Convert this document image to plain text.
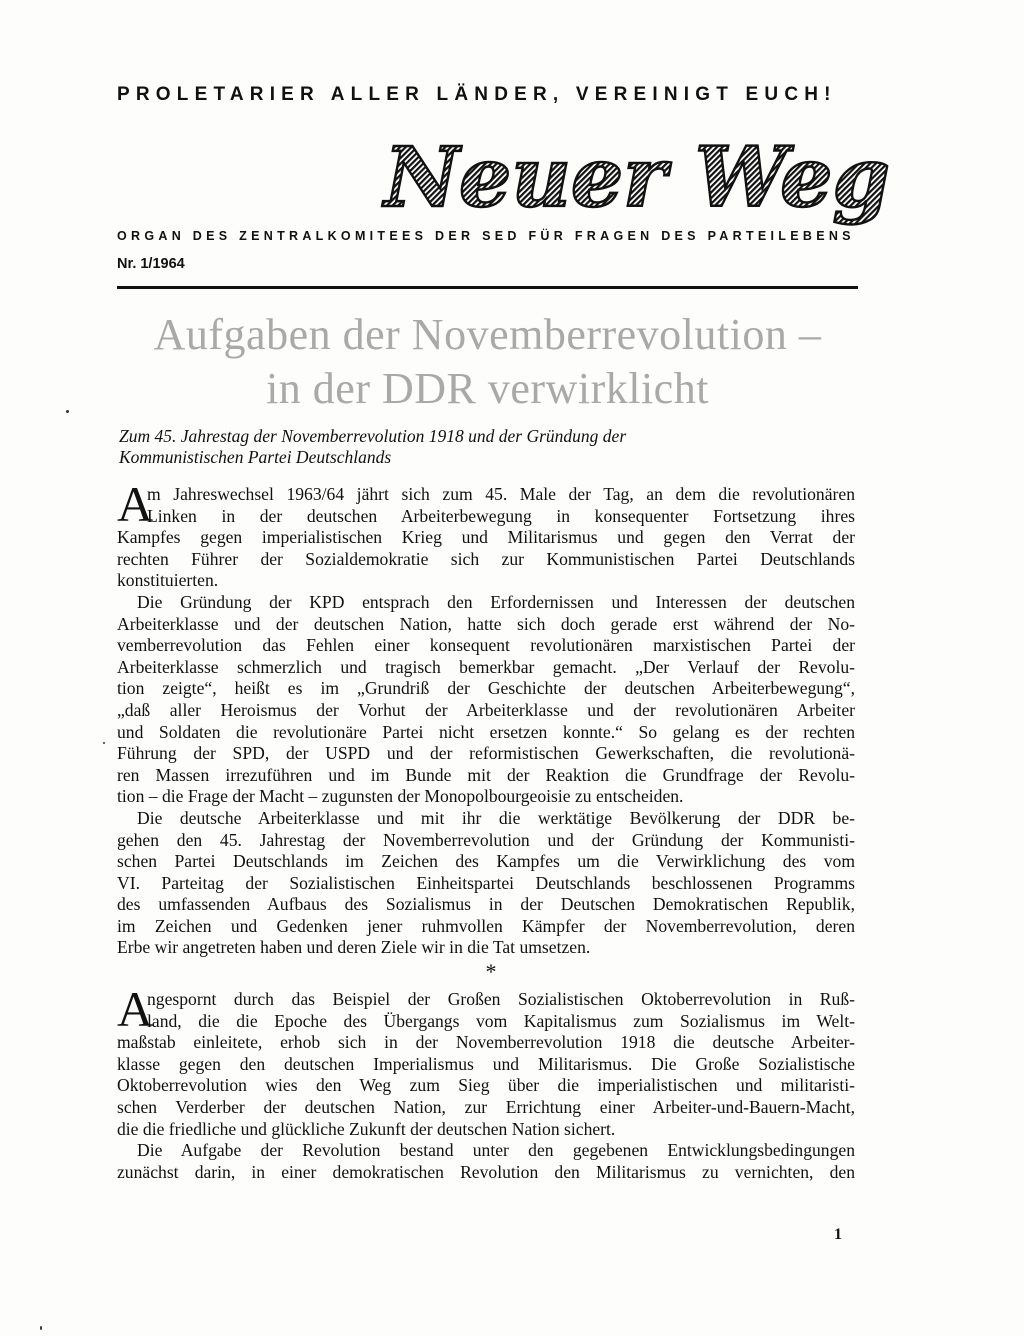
PROLETARIER ALLER LÄNDER, VEREINIGT EUCH!
Neuer Weg
ORGAN DES ZENTRALKOMITEES DER SED FÜR FRAGEN DES PARTEILEBENS
Nr. 1/1964
Aufgaben der Novemberrevolution –
in der DDR verwirklicht
Zum 45. Jahrestag der Novemberrevolution 1918 und der Gründung der
Kommunistischen Partei Deutschlands
A
m Jahreswechsel 1963/64 jährt sich zum 45. Male der Tag, an dem die revolutionären
Linken in der deutschen Arbeiterbewegung in konsequenter Fortsetzung ihres
Kampfes gegen imperialistischen Krieg und Militarismus und gegen den Verrat der
rechten Führer der Sozialdemokratie sich zur Kommunistischen Partei Deutschlands
konstituierten.
Die Gründung der KPD entsprach den Erfordernissen und Interessen der deutschen
Arbeiterklasse und der deutschen Nation, hatte sich doch gerade erst während der No-
vemberrevolution das Fehlen einer konsequent revolutionären marxistischen Partei der
Arbeiterklasse schmerzlich und tragisch bemerkbar gemacht. „Der Verlauf der Revolu-
tion zeigte“, heißt es im „Grundriß der Geschichte der deutschen Arbeiterbewegung“,
„daß aller Heroismus der Vorhut der Arbeiterklasse und der revolutionären Arbeiter
und Soldaten die revolutionäre Partei nicht ersetzen konnte.“ So gelang es der rechten
Führung der SPD, der USPD und der reformistischen Gewerkschaften, die revolutionä-
ren Massen irrezuführen und im Bunde mit der Reaktion die Grundfrage der Revolu-
tion – die Frage der Macht – zugunsten der Monopolbourgeoisie zu entscheiden.
Die deutsche Arbeiterklasse und mit ihr die werktätige Bevölkerung der DDR be-
gehen den 45. Jahrestag der Novemberrevolution und der Gründung der Kommunisti-
schen Partei Deutschlands im Zeichen des Kampfes um die Verwirklichung des vom
VI. Parteitag der Sozialistischen Einheitspartei Deutschlands beschlossenen Programms
des umfassenden Aufbaus des Sozialismus in der Deutschen Demokratischen Republik,
im Zeichen und Gedenken jener ruhmvollen Kämpfer der Novemberrevolution, deren
Erbe wir angetreten haben und deren Ziele wir in die Tat umsetzen.
*
A
ngespornt durch das Beispiel der Großen Sozialistischen Oktoberrevolution in Ruß-
land, die die Epoche des Übergangs vom Kapitalismus zum Sozialismus im Welt-
maßstab einleitete, erhob sich in der Novemberrevolution 1918 die deutsche Arbeiter-
klasse gegen den deutschen Imperialismus und Militarismus. Die Große Sozialistische
Oktoberrevolution wies den Weg zum Sieg über die imperialistischen und militaristi-
schen Verderber der deutschen Nation, zur Errichtung einer Arbeiter-und-Bauern-Macht,
die die friedliche und glückliche Zukunft der deutschen Nation sichert.
Die Aufgabe der Revolution bestand unter den gegebenen Entwicklungsbedingungen
zunächst darin, in einer demokratischen Revolution den Militarismus zu vernichten, den
1
